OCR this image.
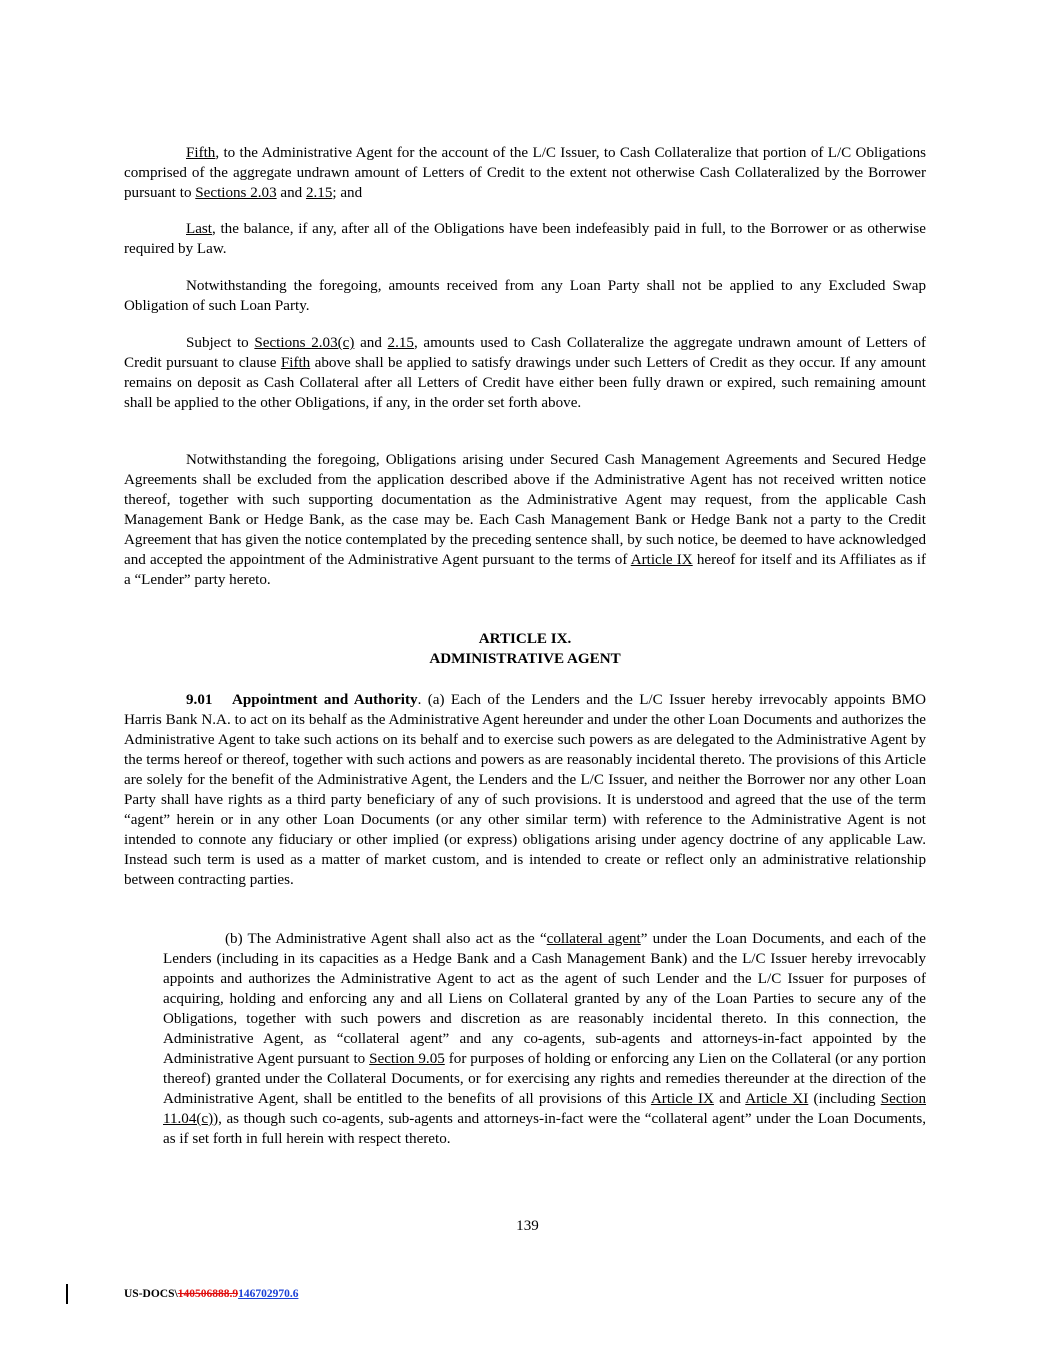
Fifth, to the Administrative Agent for the account of the L/C Issuer, to Cash Collateralize that portion of L/C Obligations comprised of the aggregate undrawn amount of Letters of Credit to the extent not otherwise Cash Collateralized by the Borrower pursuant to Sections 2.03 and 2.15; and

Last, the balance, if any, after all of the Obligations have been indefeasibly paid in full, to the Borrower or as otherwise required by Law.

Notwithstanding the foregoing, amounts received from any Loan Party shall not be applied to any Excluded Swap Obligation of such Loan Party.

Subject to Sections 2.03(c) and 2.15, amounts used to Cash Collateralize the aggregate undrawn amount of Letters of Credit pursuant to clause Fifth above shall be applied to satisfy drawings under such Letters of Credit as they occur. If any amount remains on deposit as Cash Collateral after all Letters of Credit have either been fully drawn or expired, such remaining amount shall be applied to the other Obligations, if any, in the order set forth above.

Notwithstanding the foregoing, Obligations arising under Secured Cash Management Agreements and Secured Hedge Agreements shall be excluded from the application described above if the Administrative Agent has not received written notice thereof, together with such supporting documentation as the Administrative Agent may request, from the applicable Cash Management Bank or Hedge Bank, as the case may be. Each Cash Management Bank or Hedge Bank not a party to the Credit Agreement that has given the notice contemplated by the preceding sentence shall, by such notice, be deemed to have acknowledged and accepted the appointment of the Administrative Agent pursuant to the terms of Article IX hereof for itself and its Affiliates as if a “Lender” party hereto.

ARTICLE IX.

ADMINISTRATIVE AGENT

9.01 Appointment and Authority. (a) Each of the Lenders and the L/C Issuer hereby irrevocably appoints BMO Harris Bank N.A. to act on its behalf as the Administrative Agent hereunder and under the other Loan Documents and authorizes the Administrative Agent to take such actions on its behalf and to exercise such powers as are delegated to the Administrative Agent by the terms hereof or thereof, together with such actions and powers as are reasonably incidental thereto. The provisions of this Article are solely for the benefit of the Administrative Agent, the Lenders and the L/C Issuer, and neither the Borrower nor any other Loan Party shall have rights as a third party beneficiary of any of such provisions. It is understood and agreed that the use of the term “agent” herein or in any other Loan Documents (or any other similar term) with reference to the Administrative Agent is not intended to connote any fiduciary or other implied (or express) obligations arising under agency doctrine of any applicable Law. Instead such term is used as a matter of market custom, and is intended to create or reflect only an administrative relationship between contracting parties.

(b) The Administrative Agent shall also act as the “collateral agent” under the Loan Documents, and each of the Lenders (including in its capacities as a Hedge Bank and a Cash Management Bank) and the L/C Issuer hereby irrevocably appoints and authorizes the Administrative Agent to act as the agent of such Lender and the L/C Issuer for purposes of acquiring, holding and enforcing any and all Liens on Collateral granted by any of the Loan Parties to secure any of the Obligations, together with such powers and discretion as are reasonably incidental thereto. In this connection, the Administrative Agent, as “collateral agent” and any co-agents, sub-agents and attorneys-in-fact appointed by the Administrative Agent pursuant to Section 9.05 for purposes of holding or enforcing any Lien on the Collateral (or any portion thereof) granted under the Collateral Documents, or for exercising any rights and remedies thereunder at the direction of the Administrative Agent, shall be entitled to the benefits of all provisions of this Article IX and Article XI (including Section 11.04(c)), as though such co-agents, sub-agents and attorneys-in-fact were the “collateral agent” under the Loan Documents, as if set forth in full herein with respect thereto.

139
US-DOCS\140506888.9146702970.6
